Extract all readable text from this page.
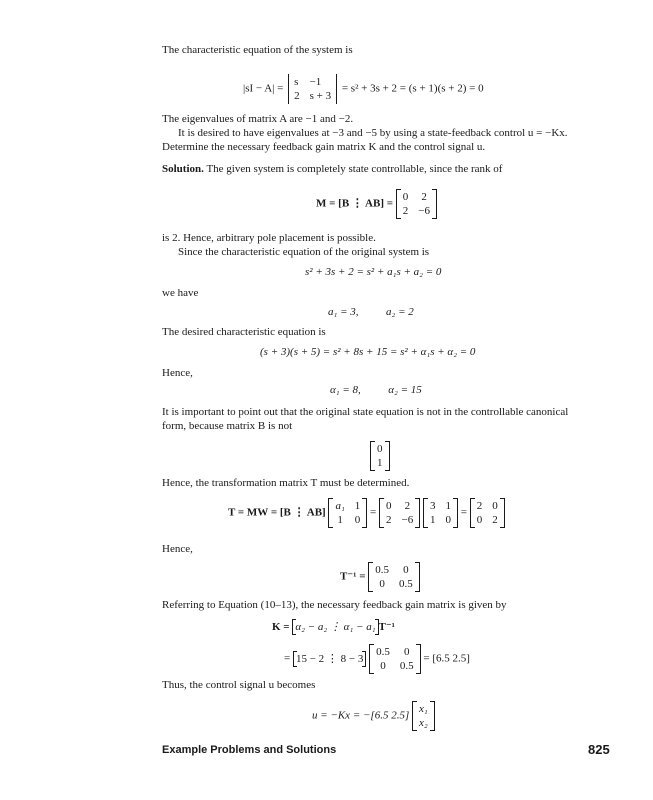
The characteristic equation of the system is
|sI − A| =
s	−1
2	s + 3
= s² + 3s + 2 = (s + 1)(s + 2) = 0
The eigenvalues of matrix A are −1 and −2.
It is desired to have eigenvalues at −3 and −5 by using a state-feedback control u = −Kx.
Determine the necessary feedback gain matrix K and the control signal u.
Solution. The given system is completely state controllable, since the rank of
M = [B ⋮ AB] =
0	2
2	−6
is 2. Hence, arbitrary pole placement is possible.
Since the characteristic equation of the original system is
s² + 3s + 2 = s² + a₁s + a₂ = 0
we have
a₁ = 3,	a₂ = 2
The desired characteristic equation is
(s + 3)(s + 5) = s² + 8s + 15 = s² + α₁s + α₂ = 0
Hence,
α₁ = 8,	α₂ = 15
It is important to point out that the original state equation is not in the controllable canonical
form, because matrix B is not
0
1
Hence, the transformation matrix T must be determined.
T = MW = [B ⋮ AB]
a₁	1
1	0
=
0	2
2	−6

3	1
1	0
=
2	0
0	2
Hence,
T⁻¹ =
0.5	0
0	0.5
Referring to Equation (10–13), the necessary feedback gain matrix is given by
K = α₂ − a₂ ⋮ α₁ − a₁ T⁻¹
= 15 − 2 ⋮ 8 − 3
0.5	0
0	0.5
= [6.5 2.5]
Thus, the control signal u becomes
u = −Kx = −[6.5 2.5]
x₁
x₂
Example Problems and Solutions	825
